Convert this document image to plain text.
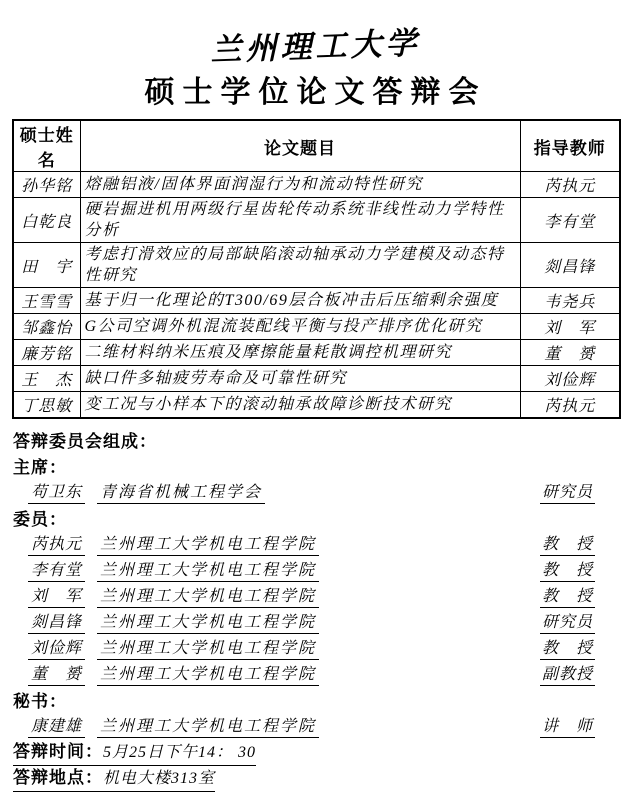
兰州理工大学
硕士学位论文答辩会
硕士姓名	论文题目	指导教师
孙华铭	熔融铝液/固体界面润湿行为和流动特性研究	芮执元
白乾良	硬岩掘进机用两级行星齿轮传动系统非线性动力学特性分析	李有堂
田　宇	考虑打滑效应的局部缺陷滚动轴承动力学建模及动态特性研究	剡昌锋
王雪雪	基于归一化理论的T300/69层合板冲击后压缩剩余强度	韦尧兵
邹鑫怡	G公司空调外机混流装配线平衡与投产排序优化研究	刘　军
廉芳铭	二维材料纳米压痕及摩擦能量耗散调控机理研究	董　赟
王　杰	缺口件多轴疲劳寿命及可靠性研究	刘俭辉
丁思敏	变工况与小样本下的滚动轴承故障诊断技术研究	芮执元
答辩委员会组成：
主席：
苟卫东 青海省机械工程学会	研究员
委员：
芮执元 兰州理工大学机电工程学院	教　授
李有堂 兰州理工大学机电工程学院	教　授
刘　军 兰州理工大学机电工程学院	教　授
剡昌锋 兰州理工大学机电工程学院	研究员
刘俭辉 兰州理工大学机电工程学院	教　授
董　赟 兰州理工大学机电工程学院	副教授
秘书：
康建雄 兰州理工大学机电工程学院	讲　师
答辩时间：5月25日下午14： 30
答辩地点：机电大楼313室
